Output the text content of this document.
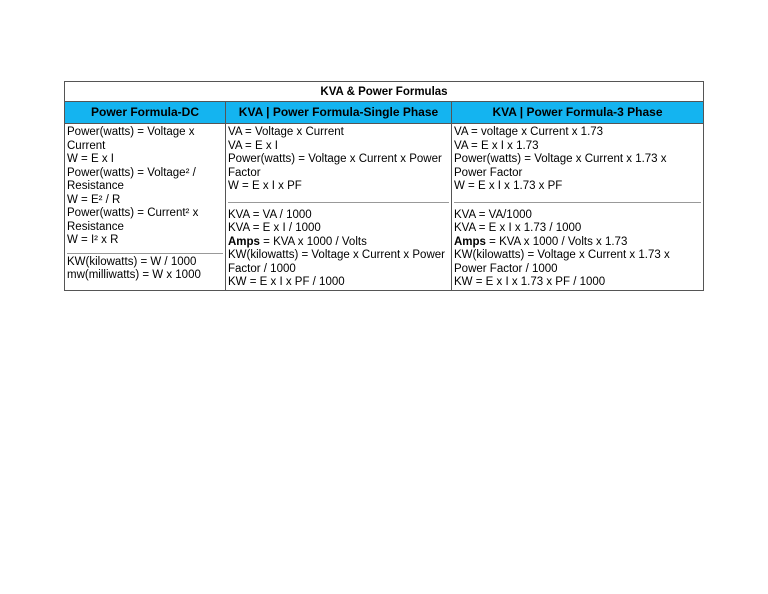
KVA & Power Formulas
Power Formula-DC	KVA | Power Formula-Single Phase	KVA | Power Formula-3 Phase
Power(watts) = Voltage x
Current
W = E x I
Power(watts) = Voltage² /
Resistance
W = E² / R
Power(watts) = Current² x
Resistance
W = I² x R
KW(kilowatts) = W / 1000
mw(milliwatts) = W x 1000
VA = Voltage x Current
VA = E x I
Power(watts) = Voltage x Current x Power
Factor
W = E x I x PF
KVA = VA / 1000
KVA = E x I / 1000
Amps = KVA x 1000 / Volts
KW(kilowatts) = Voltage x Current x Power
Factor / 1000
KW = E x I x PF / 1000
VA = voltage x Current x 1.73
VA = E x I x 1.73
Power(watts) = Voltage x Current x 1.73 x
Power Factor
W = E x I x 1.73 x PF
KVA = VA/1000
KVA = E x I x 1.73 / 1000
Amps = KVA x 1000 / Volts x 1.73
KW(kilowatts) = Voltage x Current x 1.73 x
Power Factor / 1000
KW = E x I x 1.73 x PF / 1000
